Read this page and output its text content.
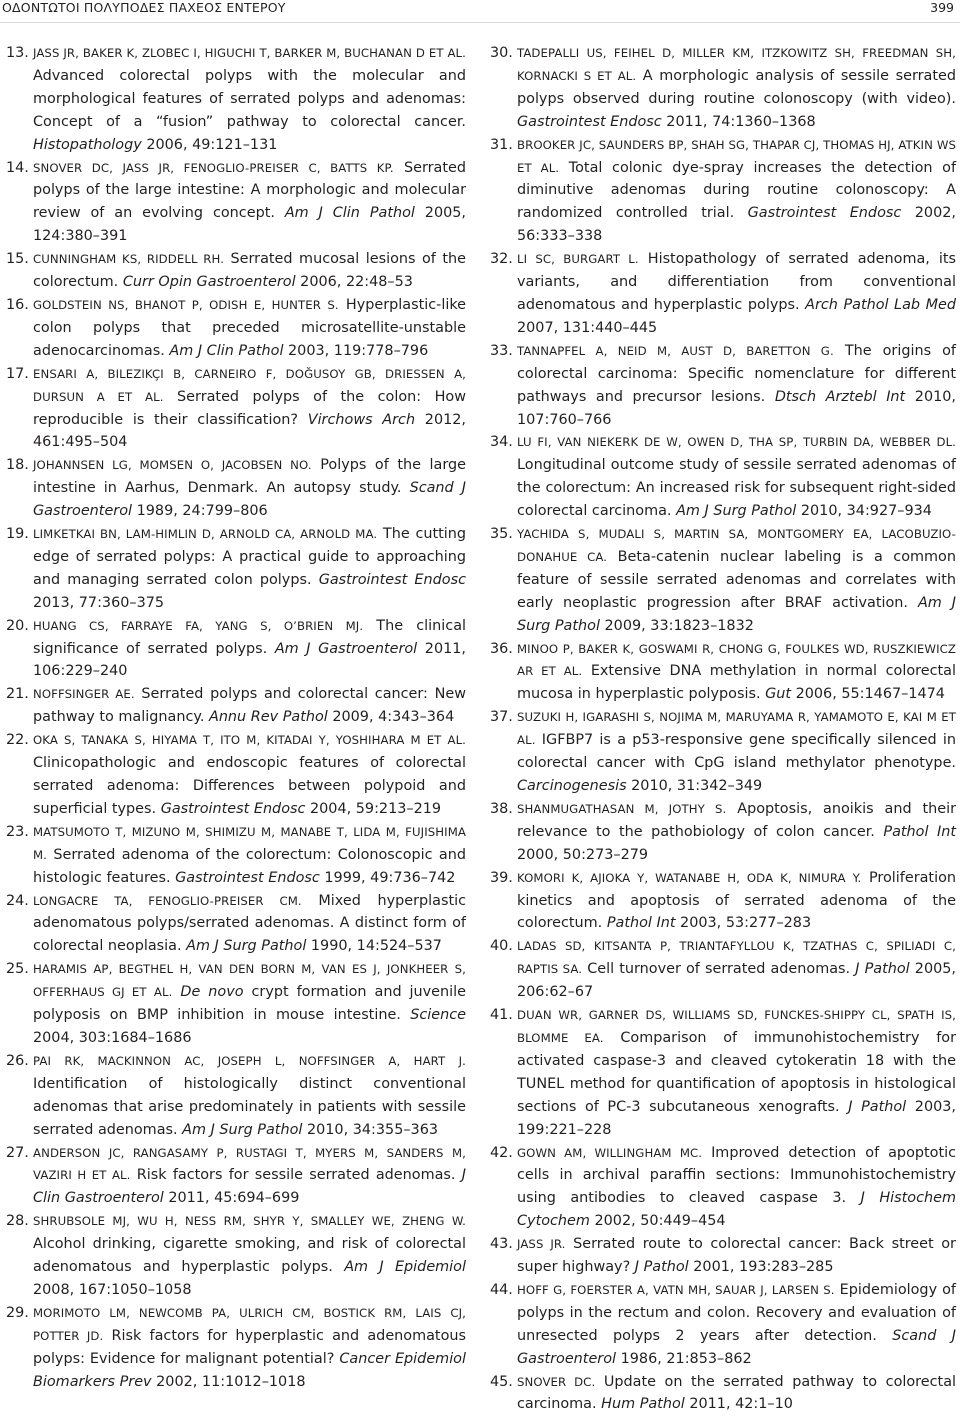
ΟΔΟΝΤΩΤΟΙ ΠΟΛΥΠΟΔΕΣ ΠΑΧΕΟΣ ΕΝΤΕΡΟΥ	399
13. JASS JR, BAKER K, ZLOBEC I, HIGUCHI T, BARKER M, BUCHANAN D ET AL. Advanced colorectal polyps with the molecular and morphological features of serrated polyps and adenomas: Concept of a “fusion” pathway to colorectal cancer. Histopathology 2006, 49:121–131
14. SNOVER DC, JASS JR, FENOGLIO-PREISER C, BATTS KP. Serrated polyps of the large intestine: A morphologic and molecular review of an evolving concept. Am J Clin Pathol 2005, 124:380–391
15. CUNNINGHAM KS, RIDDELL RH. Serrated mucosal lesions of the colorectum. Curr Opin Gastroenterol 2006, 22:48–53
16. GOLDSTEIN NS, BHANOT P, ODISH E, HUNTER S. Hyperplastic-like colon polyps that preceded microsatellite-unstable adenocarcinomas. Am J Clin Pathol 2003, 119:778–796
17. ENSARI A, BILEZIKÇI B, CARNEIRO F, DOĞUSOY GB, DRIESSEN A, DURSUN A ET AL. Serrated polyps of the colon: How reproducible is their classification? Virchows Arch 2012, 461:495–504
18. JOHANNSEN LG, MOMSEN O, JACOBSEN NO. Polyps of the large intestine in Aarhus, Denmark. An autopsy study. Scand J Gastroenterol 1989, 24:799–806
19. LIMKETKAI BN, LAM-HIMLIN D, ARNOLD CA, ARNOLD MA. The cutting edge of serrated polyps: A practical guide to approaching and managing serrated colon polyps. Gastrointest Endosc 2013, 77:360–375
20. HUANG CS, FARRAYE FA, YANG S, O’BRIEN MJ. The clinical significance of serrated polyps. Am J Gastroenterol 2011, 106:229–240
21. NOFFSINGER AE. Serrated polyps and colorectal cancer: New pathway to malignancy. Annu Rev Pathol 2009, 4:343–364
22. OKA S, TANAKA S, HIYAMA T, ITO M, KITADAI Y, YOSHIHARA M ET AL. Clinicopathologic and endoscopic features of colorectal serrated adenoma: Differences between polypoid and superficial types. Gastrointest Endosc 2004, 59:213–219
23. MATSUMOTO T, MIZUNO M, SHIMIZU M, MANABE T, LIDA M, FUJISHIMA M. Serrated adenoma of the colorectum: Colonoscopic and histologic features. Gastrointest Endosc 1999, 49:736–742
24. LONGACRE TA, FENOGLIO-PREISER CM. Mixed hyperplastic adenomatous polyps/serrated adenomas. A distinct form of colorectal neoplasia. Am J Surg Pathol 1990, 14:524–537
25. HARAMIS AP, BEGTHEL H, VAN DEN BORN M, VAN ES J, JONKHEER S, OFFERHAUS GJ ET AL. De novo crypt formation and juvenile polyposis on BMP inhibition in mouse intestine. Science 2004, 303:1684–1686
26. PAI RK, MACKINNON AC, JOSEPH L, NOFFSINGER A, HART J. Identification of histologically distinct conventional adenomas that arise predominately in patients with sessile serrated adenomas. Am J Surg Pathol 2010, 34:355–363
27. ANDERSON JC, RANGASAMY P, RUSTAGI T, MYERS M, SANDERS M, VAZIRI H ET AL. Risk factors for sessile serrated adenomas. J Clin Gastroenterol 2011, 45:694–699
28. SHRUBSOLE MJ, WU H, NESS RM, SHYR Y, SMALLEY WE, ZHENG W. Alcohol drinking, cigarette smoking, and risk of colorectal adenomatous and hyperplastic polyps. Am J Epidemiol 2008, 167:1050–1058
29. MORIMOTO LM, NEWCOMB PA, ULRICH CM, BOSTICK RM, LAIS CJ, POTTER JD. Risk factors for hyperplastic and adenomatous polyps: Evidence for malignant potential? Cancer Epidemiol Biomarkers Prev 2002, 11:1012–1018
30. TADEPALLI US, FEIHEL D, MILLER KM, ITZKOWITZ SH, FREEDMAN SH, KORNACKI S ET AL. A morphologic analysis of sessile serrated polyps observed during routine colonoscopy (with video). Gastrointest Endosc 2011, 74:1360–1368
31. BROOKER JC, SAUNDERS BP, SHAH SG, THAPAR CJ, THOMAS HJ, ATKIN WS ET AL. Total colonic dye-spray increases the detection of diminutive adenomas during routine colonoscopy: A randomized controlled trial. Gastrointest Endosc 2002, 56:333–338
32. LI SC, BURGART L. Histopathology of serrated adenoma, its variants, and differentiation from conventional adenomatous and hyperplastic polyps. Arch Pathol Lab Med 2007, 131:440–445
33. TANNAPFEL A, NEID M, AUST D, BARETTON G. The origins of colorectal carcinoma: Specific nomenclature for different pathways and precursor lesions. Dtsch Arztebl Int 2010, 107:760–766
34. LU FI, VAN NIEKERK DE W, OWEN D, THA SP, TURBIN DA, WEBBER DL. Longitudinal outcome study of sessile serrated adenomas of the colorectum: An increased risk for subsequent right-sided colorectal carcinoma. Am J Surg Pathol 2010, 34:927–934
35. YACHIDA S, MUDALI S, MARTIN SA, MONTGOMERY EA, LACOBUZIO-DONAHUE CA. Beta-catenin nuclear labeling is a common feature of sessile serrated adenomas and correlates with early neoplastic progression after BRAF activation. Am J Surg Pathol 2009, 33:1823–1832
36. MINOO P, BAKER K, GOSWAMI R, CHONG G, FOULKES WD, RUSZKIEWICZ AR ET AL. Extensive DNA methylation in normal colorectal mucosa in hyperplastic polyposis. Gut 2006, 55:1467–1474
37. SUZUKI H, IGARASHI S, NOJIMA M, MARUYAMA R, YAMAMOTO E, KAI M ET AL. IGFBP7 is a p53-responsive gene specifically silenced in colorectal cancer with CpG island methylator phenotype. Carcinogenesis 2010, 31:342–349
38. SHANMUGATHASAN M, JOTHY S. Apoptosis, anoikis and their relevance to the pathobiology of colon cancer. Pathol Int 2000, 50:273–279
39. KOMORI K, AJIOKA Y, WATANABE H, ODA K, NIMURA Y. Proliferation kinetics and apoptosis of serrated adenoma of the colorectum. Pathol Int 2003, 53:277–283
40. LADAS SD, KITSANTA P, TRIANTAFYLLOU K, TZATHAS C, SPILIADI C, RAPTIS SA. Cell turnover of serrated adenomas. J Pathol 2005, 206:62–67
41. DUAN WR, GARNER DS, WILLIAMS SD, FUNCKES-SHIPPY CL, SPATH IS, BLOMME EA. Comparison of immunohistochemistry for activated caspase-3 and cleaved cytokeratin 18 with the TUNEL method for quantification of apoptosis in histological sections of PC-3 subcutaneous xenografts. J Pathol 2003, 199:221–228
42. GOWN AM, WILLINGHAM MC. Improved detection of apoptotic cells in archival paraffin sections: Immunohistochemistry using antibodies to cleaved caspase 3. J Histochem Cytochem 2002, 50:449–454
43. JASS JR. Serrated route to colorectal cancer: Back street or super highway? J Pathol 2001, 193:283–285
44. HOFF G, FOERSTER A, VATN MH, SAUAR J, LARSEN S. Epidemiology of polyps in the rectum and colon. Recovery and evaluation of unresected polyps 2 years after detection. Scand J Gastroenterol 1986, 21:853–862
45. SNOVER DC. Update on the serrated pathway to colorectal carcinoma. Hum Pathol 2011, 42:1–10
